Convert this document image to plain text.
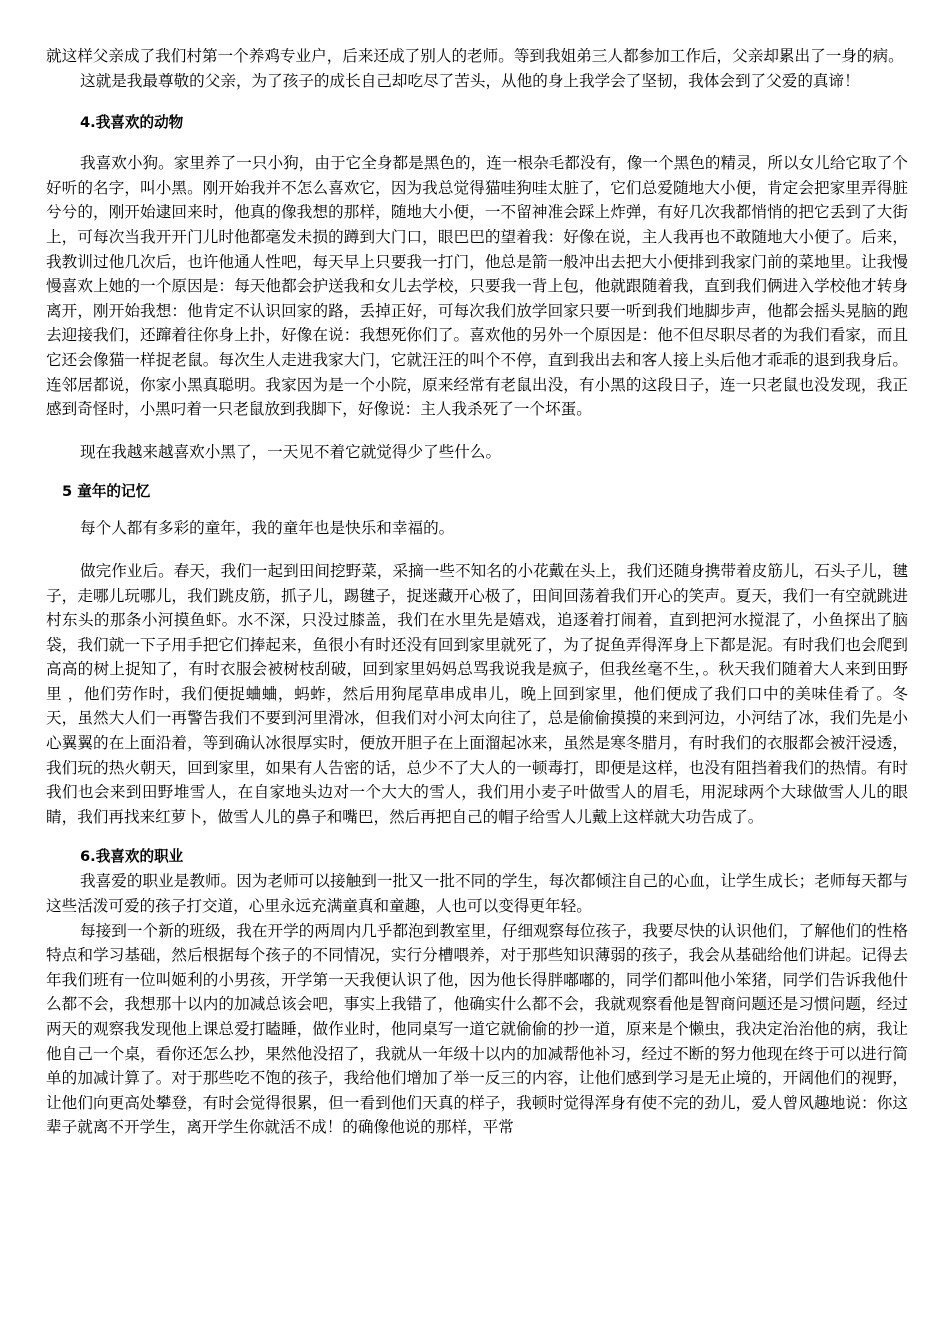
就这样父亲成了我们村第一个养鸡专业户，后来还成了别人的老师。等到我姐弟三人都参加工作后，父亲却累出了一身的病。

这就是我最尊敬的父亲，为了孩子的成长自己却吃尽了苦头，从他的身上我学会了坚韧，我体会到了父爱的真谛！

4.我喜欢的动物

我喜欢小狗。家里养了一只小狗，由于它全身都是黑色的，连一根杂毛都没有，像一个黑色的精灵，所以女儿给它取了个好听的名字，叫小黑。刚开始我并不怎么喜欢它，因为我总觉得猫哇狗哇太脏了，它们总爱随地大小便，肯定会把家里弄得脏兮兮的，刚开始逮回来时，他真的像我想的那样，随地大小便，一不留神准会踩上炸弹，有好几次我都悄悄的把它丢到了大街上，可每次当我开开门儿时他都毫发未损的蹲到大门口，眼巴巴的望着我：好像在说，主人我再也不敢随地大小便了。后来，我教训过他几次后，也许他通人性吧，每天早上只要我一打门，他总是箭一般冲出去把大小便排到我家门前的菜地里。让我慢慢喜欢上她的一个原因是：每天他都会护送我和女儿去学校，只要我一背上包，他就跟随着我，直到我们俩进入学校他才转身离开，刚开始我想：他肯定不认识回家的路，丢掉正好，可每次我们放学回家只要一听到我们地脚步声，他都会摇头晃脑的跑去迎接我们，还蹿着往你身上扑，好像在说：我想死你们了。喜欢他的另外一个原因是：他不但尽职尽者的为我们看家，而且它还会像猫一样捉老鼠。每次生人走进我家大门，它就汪汪的叫个不停，直到我出去和客人接上头后他才乖乖的退到我身后。连邻居都说，你家小黑真聪明。我家因为是一个小院，原来经常有老鼠出没，有小黑的这段日子，连一只老鼠也没发现，我正感到奇怪时，小黑叼着一只老鼠放到我脚下，好像说：主人我杀死了一个坏蛋。

现在我越来越喜欢小黑了，一天见不着它就觉得少了些什么。

5 童年的记忆

每个人都有多彩的童年，我的童年也是快乐和幸福的。

做完作业后。春天，我们一起到田间挖野菜，采摘一些不知名的小花戴在头上，我们还随身携带着皮筋儿，石头子儿，毽子，走哪儿玩哪儿，我们跳皮筋，抓子儿，踢毽子，捉迷藏开心极了，田间回荡着我们开心的笑声。夏天，我们一有空就跳进村东头的那条小河摸鱼虾。水不深，只没过膝盖，我们在水里先是嬉戏，追逐着打闹着，直到把河水搅混了，小鱼探出了脑袋，我们就一下子用手把它们捧起来，鱼很小有时还没有回到家里就死了，为了捉鱼弄得浑身上下都是泥。有时我们也会爬到高高的树上捉知了，有时衣服会被树枝刮破，回到家里妈妈总骂我说我是疯子，但我丝毫不生，。秋天我们随着大人来到田野里 ，他们劳作时，我们便捉蛐蛐，蚂蚱，然后用狗尾草串成串儿，晚上回到家里，他们便成了我们口中的美味佳肴了。冬天，虽然大人们一再警告我们不要到河里滑冰，但我们对小河太向往了，总是偷偷摸摸的来到河边，小河结了冰，我们先是小心翼翼的在上面沿着，等到确认冰很厚实时，便放开胆子在上面溜起冰来，虽然是寒冬腊月，有时我们的衣服都会被汗浸透，我们玩的热火朝天，回到家里，如果有人告密的话，总少不了大人的一顿毒打，即便是这样，也没有阻挡着我们的热情。有时我们也会来到田野堆雪人，在自家地头边对一个大大的雪人，我们用小麦子叶做雪人的眉毛，用泥球两个大球做雪人儿的眼睛，我们再找来红萝卜，做雪人儿的鼻子和嘴巴，然后再把自己的帽子给雪人儿戴上这样就大功告成了。

6.我喜欢的职业

我喜爱的职业是教师。因为老师可以接触到一批又一批不同的学生，每次都倾注自己的心血，让学生成长；老师每天都与这些活泼可爱的孩子打交道，心里永远充满童真和童趣，人也可以变得更年轻。

每接到一个新的班级，我在开学的两周内几乎都泡到教室里，仔细观察每位孩子，我要尽快的认识他们，了解他们的性格特点和学习基础，然后根据每个孩子的不同情况，实行分槽喂养，对于那些知识薄弱的孩子，我会从基础给他们讲起。记得去年我们班有一位叫姬利的小男孩，开学第一天我便认识了他，因为他长得胖嘟嘟的，同学们都叫他小笨猪，同学们告诉我他什么都不会，我想那十以内的加减总该会吧，事实上我错了，他确实什么都不会，我就观察看他是智商问题还是习惯问题，经过两天的观察我发现他上课总爱打瞌睡，做作业时，他同桌写一道它就偷偷的抄一道，原来是个懒虫，我决定治治他的病，我让他自己一个桌，看你还怎么抄，果然他没招了，我就从一年级十以内的加减帮他补习，经过不断的努力他现在终于可以进行简单的加减计算了。对于那些吃不饱的孩子，我给他们增加了举一反三的内容，让他们感到学习是无止境的，开阔他们的视野，让他们向更高处攀登，有时会觉得很累，但一看到他们天真的样子，我顿时觉得浑身有使不完的劲儿，爱人曾风趣地说：你这辈子就离不开学生，离开学生你就活不成！的确像他说的那样，平常
